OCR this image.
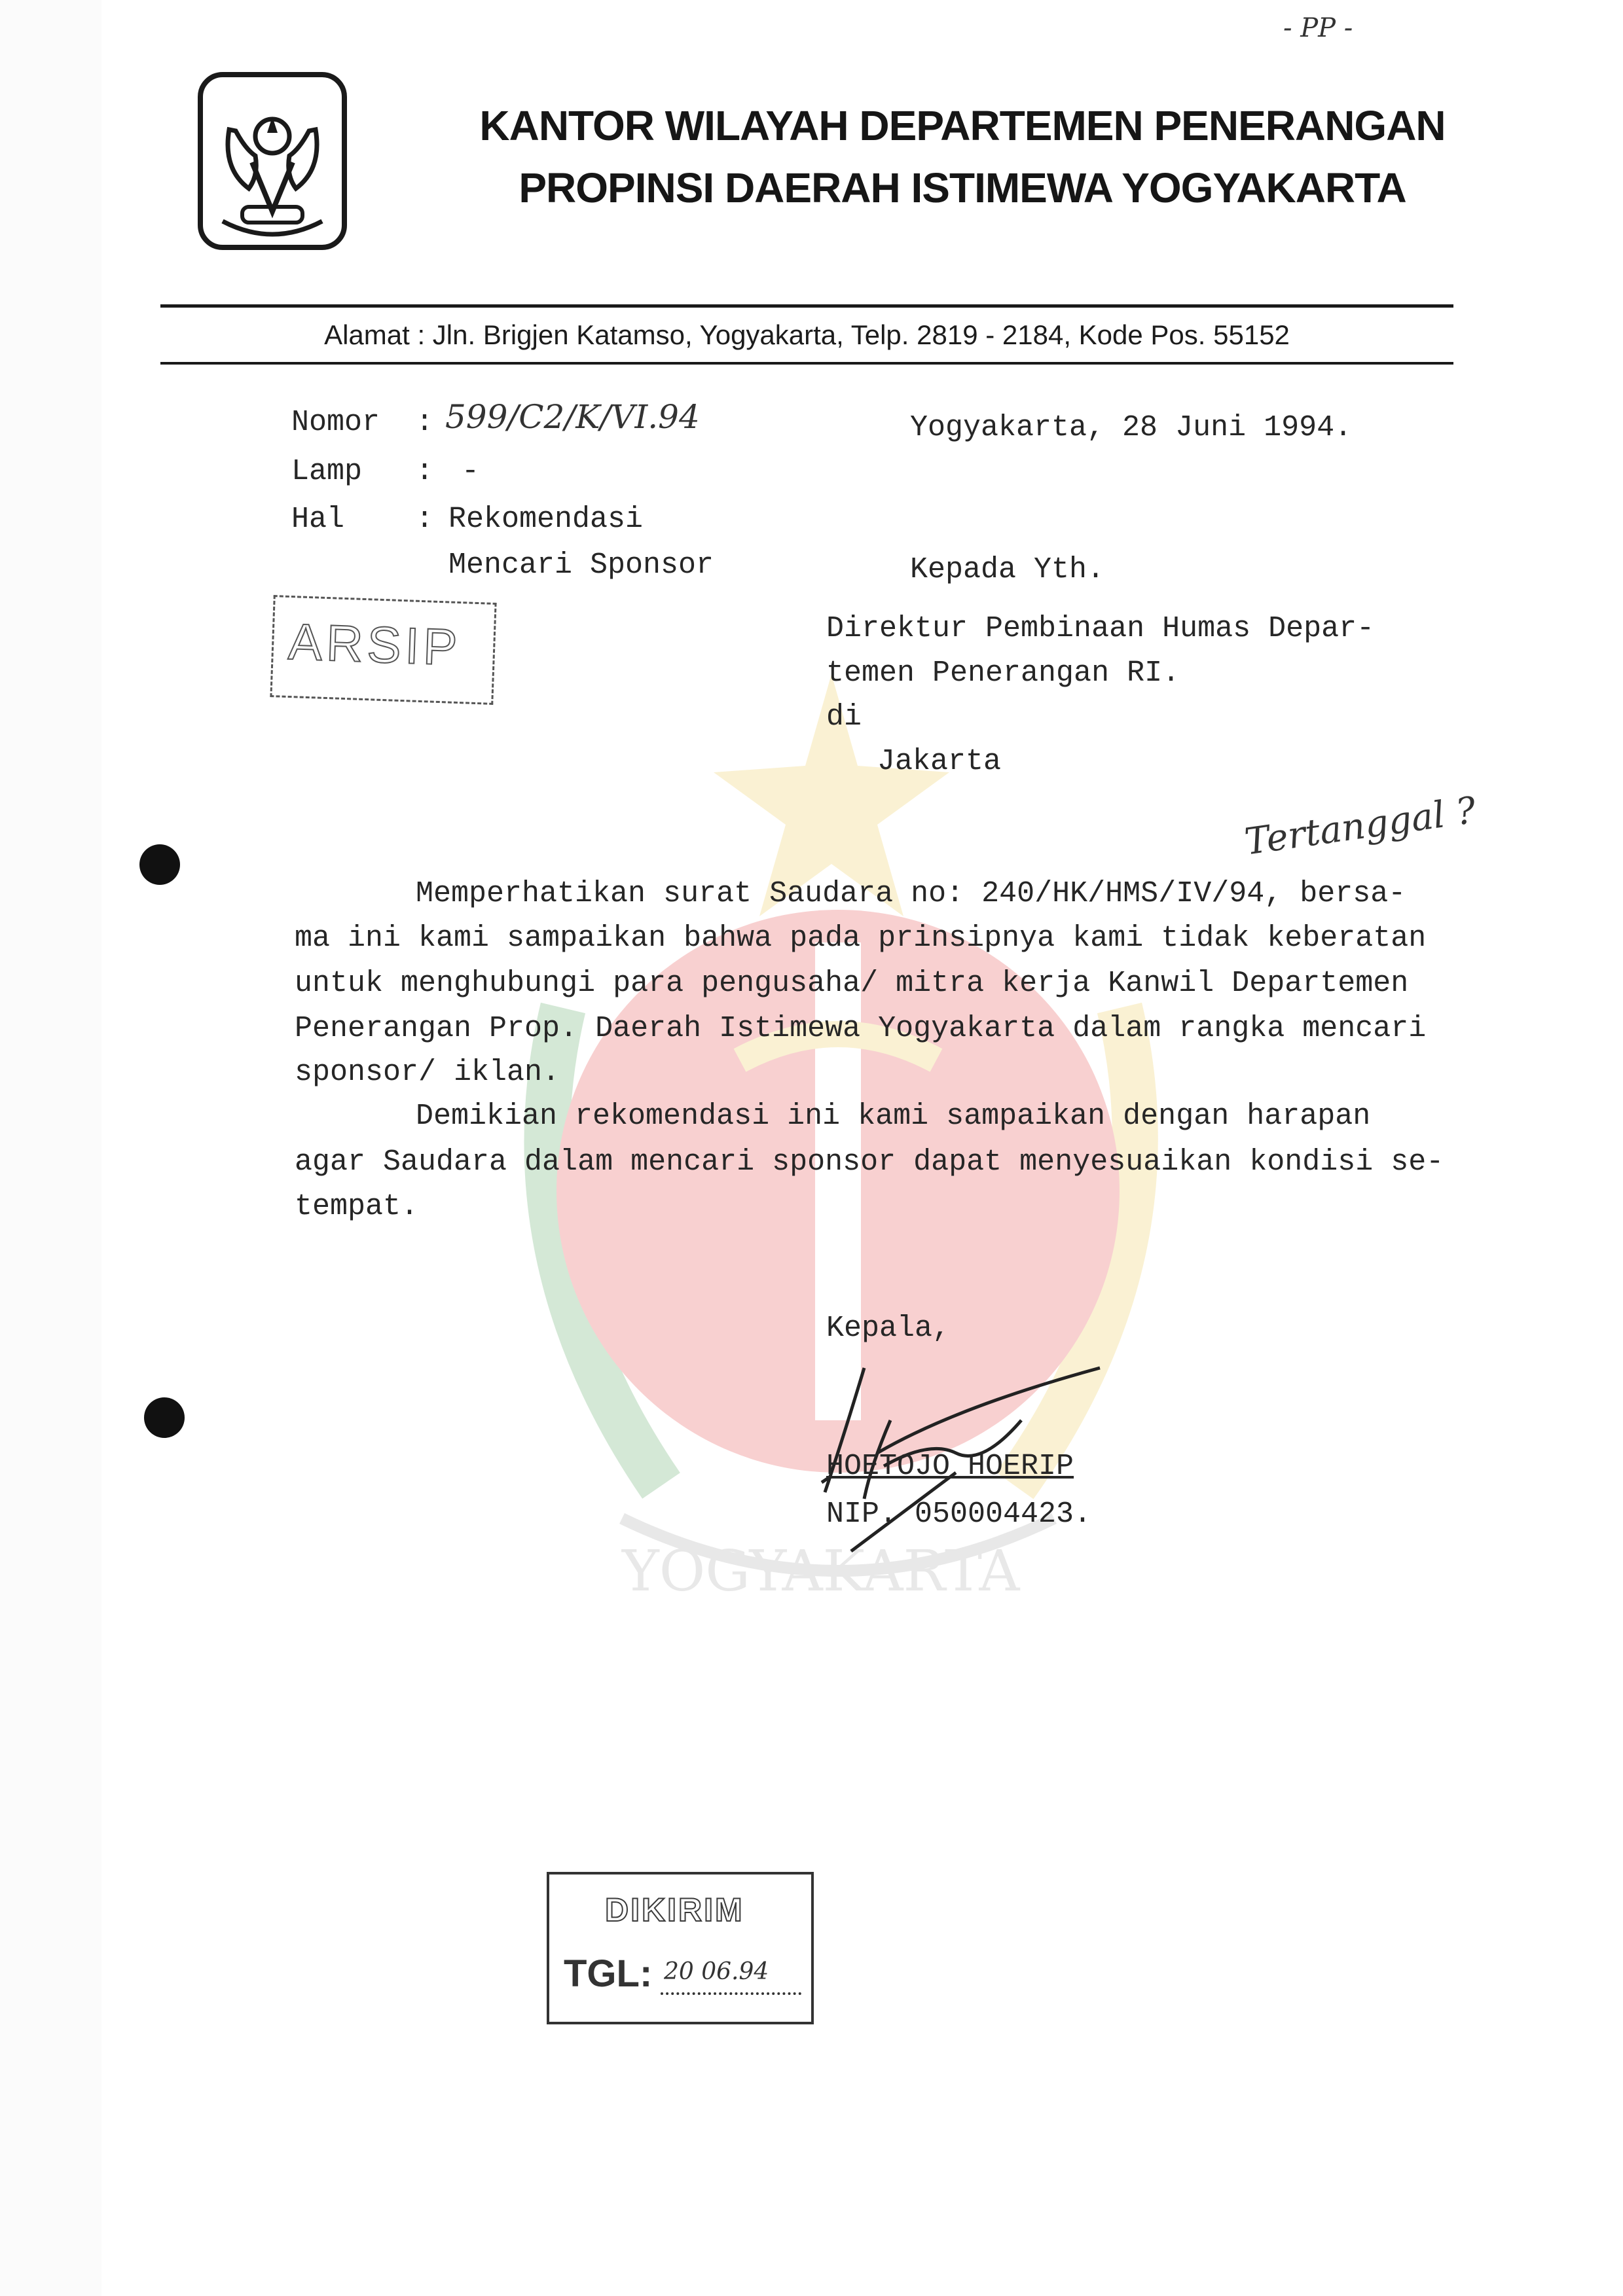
- PP -
KANTOR WILAYAH DEPARTEMEN PENERANGAN
PROPINSI DAERAH ISTIMEWA YOGYAKARTA
Alamat : Jln. Brigjen Katamso, Yogyakarta, Telp. 2819 - 2184, Kode Pos. 55152
YOGYAKARTA
Nomor : 599/C2/K/VI.94
Lamp : -
Hal : Rekomendasi
Mencari Sponsor
Yogyakarta, 28 Juni 1994.
ARSIP
Kepada Yth.
Direktur Pembinaan Humas Depar-
temen Penerangan RI.
di
Jakarta
Tertanggal ?
Memperhatikan surat Saudara no: 240/HK/HMS/IV/94, bersa-
ma ini kami sampaikan bahwa pada prinsipnya kami tidak keberatan
untuk menghubungi para pengusaha/ mitra kerja Kanwil Departemen
Penerangan Prop. Daerah Istimewa Yogyakarta dalam rangka mencari
sponsor/ iklan.
Demikian rekomendasi ini kami sampaikan dengan harapan
agar Saudara dalam mencari sponsor dapat menyesuaikan kondisi se-
tempat.
Kepala,
HOETOJO HOERIP
NIP. 050004423.
DIKIRIM
TGL: 20 06.94
